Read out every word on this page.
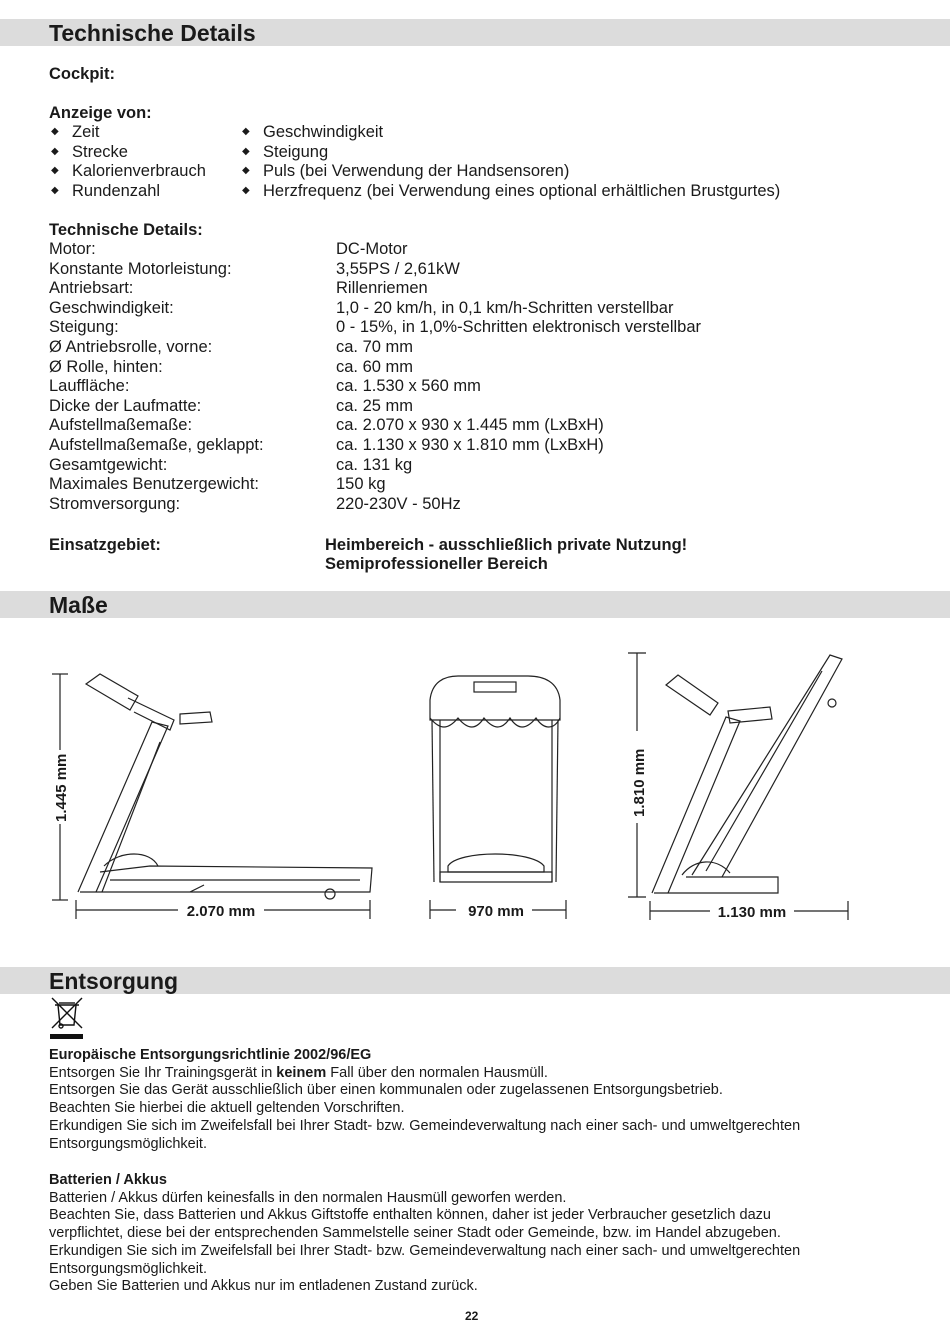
Technische Details
Cockpit:
Anzeige von:
◆ Zeit
◆ Strecke
◆ Kalorienverbrauch
◆ Rundenzahl
◆ Geschwindigkeit
◆ Steigung
◆ Puls (bei Verwendung der Handsensoren)
◆ Herzfrequenz (bei Verwendung eines optional erhältlichen Brustgurtes)
Technische Details:
Motor:	DC-Motor
Konstante Motorleistung:	3,55PS / 2,61kW
Antriebsart:	Rillenriemen
Geschwindigkeit:	1,0 - 20 km/h, in 0,1 km/h-Schritten verstellbar
Steigung:	0 - 15%, in 1,0%-Schritten elektronisch verstellbar
Ø Antriebsrolle, vorne:	ca. 70 mm
Ø Rolle, hinten:	ca. 60 mm
Lauffläche:	ca. 1.530 x 560 mm
Dicke der Laufmatte:	ca. 25 mm
Aufstellmaßemaße:	ca. 2.070 x 930 x 1.445 mm (LxBxH)
Aufstellmaßemaße, geklappt:	ca. 1.130 x 930 x 1.810 mm (LxBxH)
Gesamtgewicht:	ca. 131 kg
Maximales Benutzergewicht:	150 kg
Stromversorgung:	220-230V - 50Hz
Einsatzgebiet:	Heimbereich - ausschließlich private Nutzung!
Semiprofessioneller Bereich
Maße
1.445 mm
2.070 mm	970 mm
1.810 mm
1.130 mm
Entsorgung
Europäische Entsorgungsrichtlinie 2002/96/EG
Entsorgen Sie Ihr Trainingsgerät in keinem Fall über den normalen Hausmüll.
Entsorgen Sie das Gerät ausschließlich über einen kommunalen oder zugelassenen Entsorgungsbetrieb.
Beachten Sie hierbei die aktuell geltenden Vorschriften.
Erkundigen Sie sich im Zweifelsfall bei Ihrer Stadt- bzw. Gemeindeverwaltung nach einer sach- und umweltgerechten
Entsorgungsmöglichkeit.
Batterien / Akkus
Batterien / Akkus dürfen keinesfalls in den normalen Hausmüll geworfen werden.
Beachten Sie, dass Batterien und Akkus Giftstoffe enthalten können, daher ist jeder Verbraucher gesetzlich dazu
verpflichtet, diese bei der entsprechenden Sammelstelle seiner Stadt oder Gemeinde, bzw. im Handel abzugeben.
Erkundigen Sie sich im Zweifelsfall bei Ihrer Stadt- bzw. Gemeindeverwaltung nach einer sach- und umweltgerechten
Entsorgungsmöglichkeit.
Geben Sie Batterien und Akkus nur im entladenen Zustand zurück.
22
